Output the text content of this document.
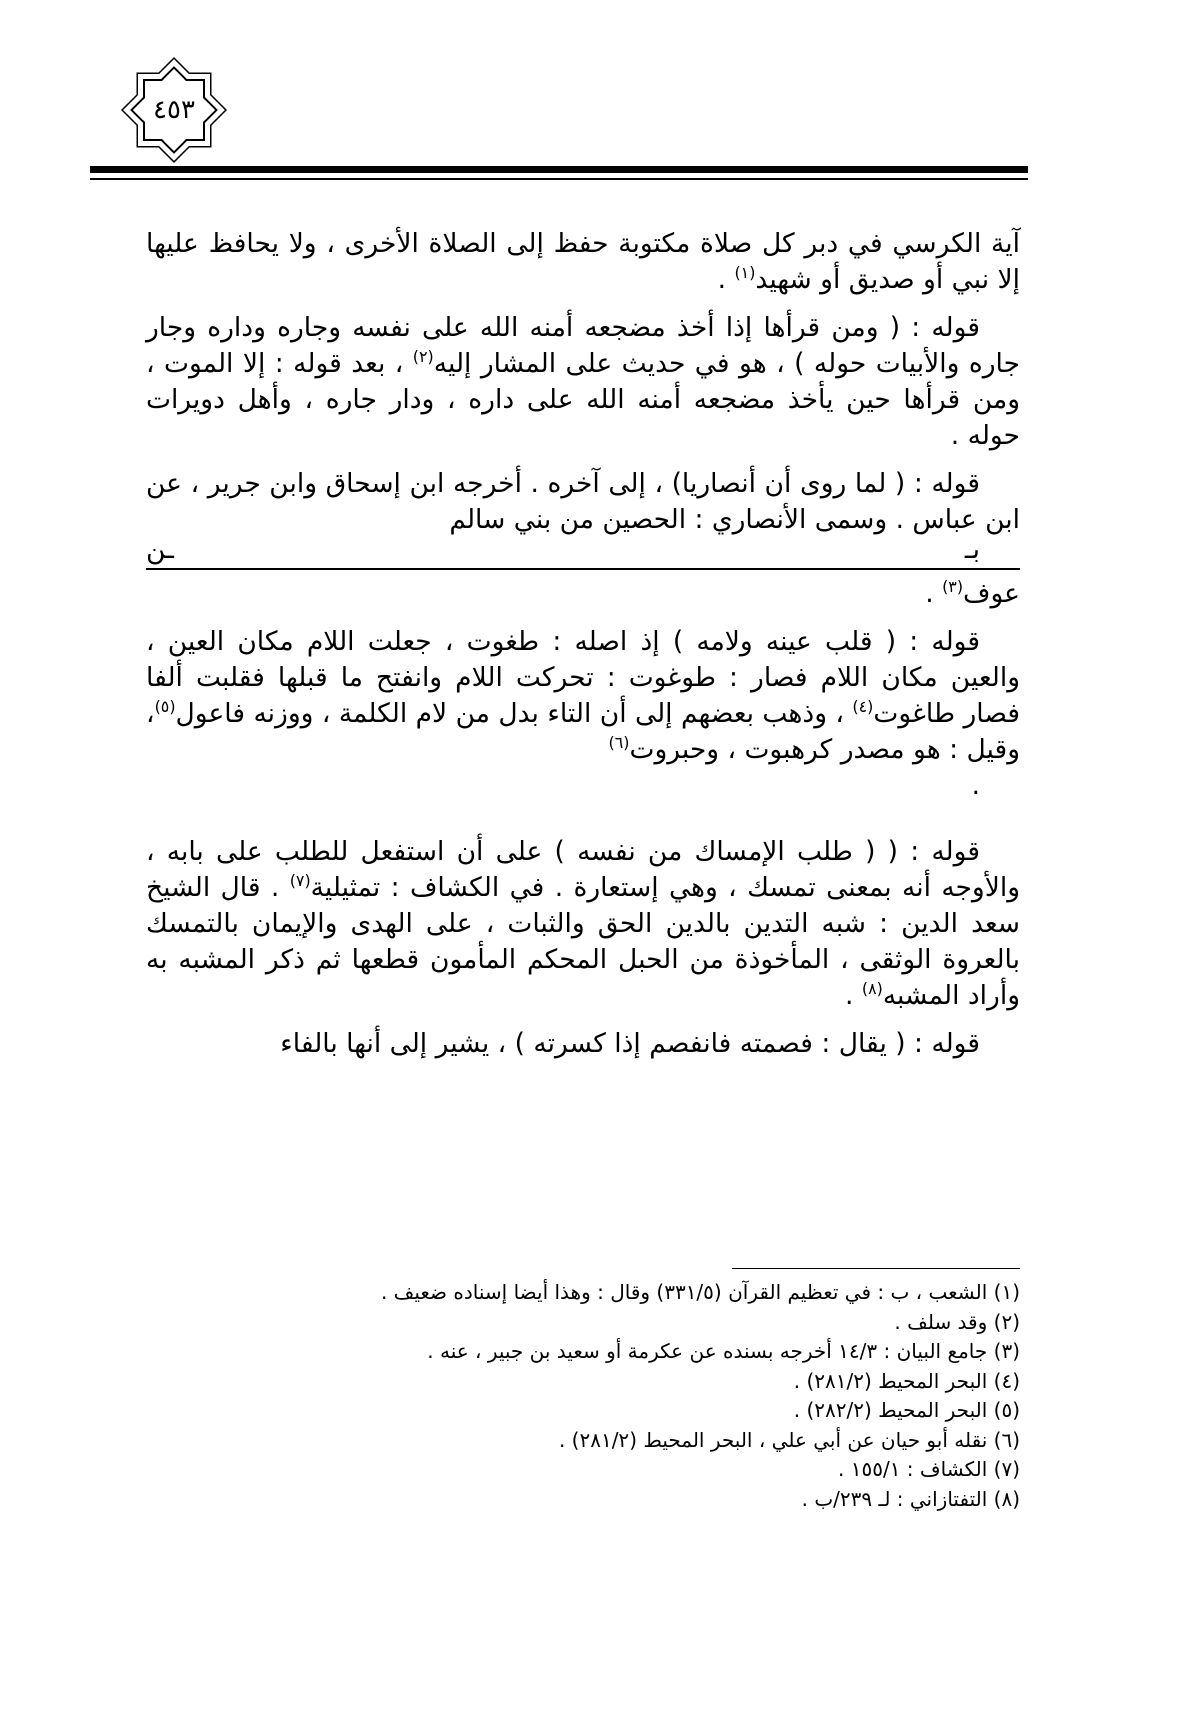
٤٥٣

آية الكرسي في دبر كل صلاة مكتوبة حفظ إلى الصلاة الأخرى ، ولا يحافظ عليها إلا نبي أو صديق أو شهيد$^{(١)}$ .

قوله : ( ومن قرأها إذا أخذ مضجعه أمنه الله على نفسه وجاره وداره وجار جاره والأبيات حوله ) ، هو في حديث على المشار إليه$^{(٢)}$ ، بعد قوله : إلا الموت ، ومن قرأها حين يأخذ مضجعه أمنه الله على داره ، ودار جاره ، وأهل دويرات حوله .

قوله : ( لما روى أن أنصاريا) ، إلى آخره . أخرجه ابن إسحاق وابن جرير ، عن ابن عباس . وسمى الأنصاري : الحصين من بني سالم
بـ
ـن
عوف$^{(٣)}$ .

قوله : ( قلب عينه ولامه ) إذ اصله : طغوت ، جعلت اللام مكان العين ، والعين مكان اللام فصار : طوغوت : تحركت اللام وانفتح ما قبلها فقلبت ألفا فصار طاغوت$^{(٤)}$ ، وذهب بعضهم إلى أن التاء بدل من لام الكلمة ، ووزنه فاعول$^{(٥)}$، وقيل : هو مصدر كرهبوت ، وحبروت$^{(٦)}$
.

قوله : ( ( طلب الإمساك من نفسه ) على أن استفعل للطلب على بابه ، والأوجه أنه بمعنى تمسك ، وهي إستعارة . في الكشاف : تمثيلية$^{(٧)}$ . قال الشيخ سعد الدين : شبه التدين بالدين الحق والثبات ، على الهدى والإيمان بالتمسك بالعروة الوثقى ، المأخوذة من الحبل المحكم المأمون قطعها ثم ذكر المشبه به وأراد المشبه$^{(٨)}$ .

قوله : ( يقال : فصمته فانفصم إذا كسرته ) ، يشير إلى أنها بالفاء

(١) الشعب ، ب : في تعظيم القرآن (٣٣١/٥) وقال : وهذا أيضا إسناده ضعيف .
(٢) وقد سلف .
(٣) جامع البيان : ١٤/٣ أخرجه بسنده عن عكرمة أو سعيد بن جبير ، عنه .
(٤) البحر المحيط (٢٨١/٢) .
(٥) البحر المحيط (٢٨٢/٢) .
(٦) نقله أبو حيان عن أبي علي ، البحر المحيط (٢٨١/٢) .
(٧) الكشاف : ١٥٥/١ .
(٨) التفتازاني : لـ ٢٣٩/ب .
